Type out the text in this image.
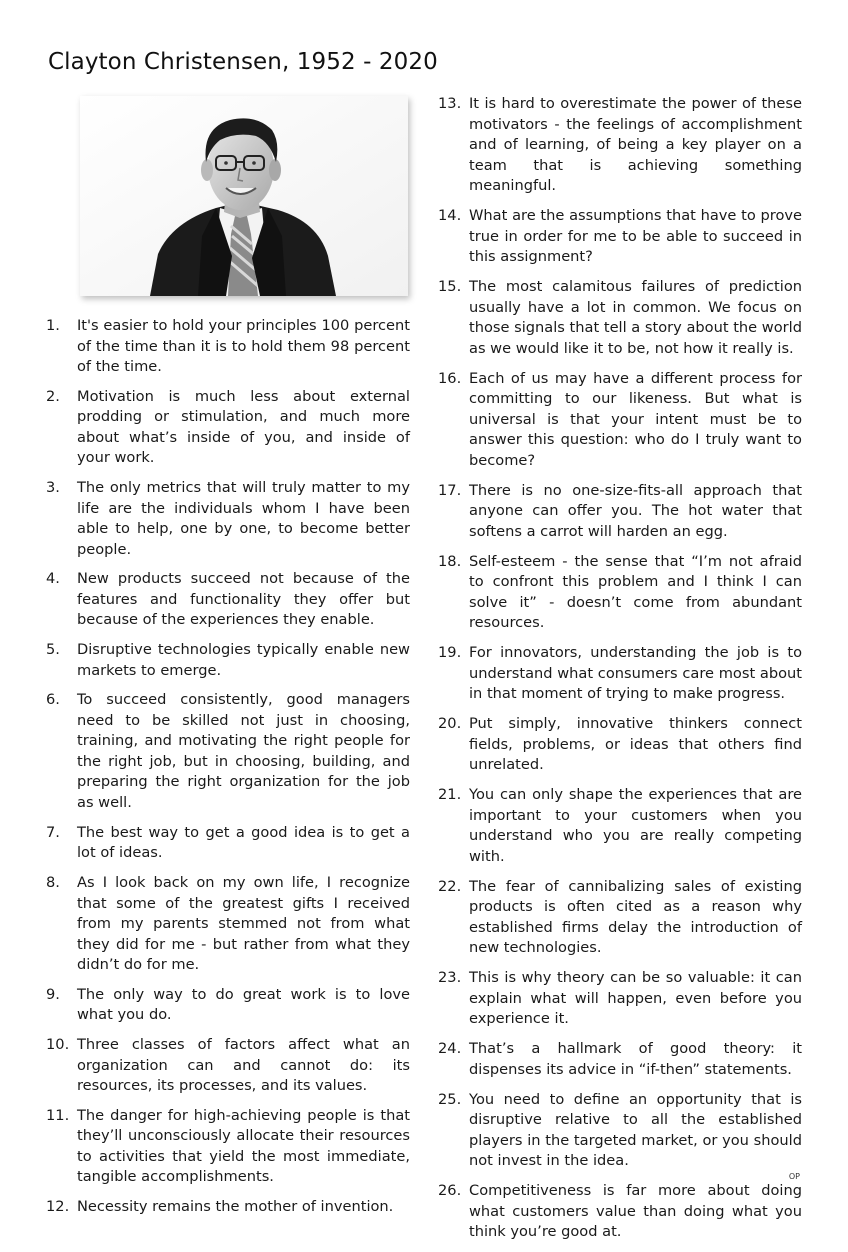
Clayton Christensen, 1952 - 2020
1.	It's easier to hold your principles 100 percent of the time than it is to hold them 98 percent of the time.
2.	Motivation is much less about external prodding or stimulation, and much more about what’s inside of you, and inside of your work.
3.	The only metrics that will truly matter to my life are the individuals whom I have been able to help, one by one, to become better people.
4.	New products succeed not because of the features and functionality they offer but because of the experiences they enable.
5.	Disruptive technologies typically enable new markets to emerge.
6.	To succeed consistently, good managers need to be skilled not just in choosing, training, and motivating the right people for the right job, but in choosing, building, and preparing the right organization for the job as well.
7.	The best way to get a good idea is to get a lot of ideas.
8.	As I look back on my own life, I recognize that some of the greatest gifts I received from my parents stemmed not from what they did for me - but rather from what they didn’t do for me.
9.	The only way to do great work is to love what you do.
10. Three classes of factors affect what an organization can and cannot do: its resources, its processes, and its values.
11. The danger for high-achieving people is that they’ll unconsciously allocate their resources to activities that yield the most immediate, tangible accomplishments.
12. Necessity remains the mother of invention.
13. It is hard to overestimate the power of these motivators - the feelings of accomplishment and of learning, of being a key player on a team that is achieving something meaningful.
14. What are the assumptions that have to prove true in order for me to be able to succeed in this assignment?
15. The most calamitous failures of prediction usually have a lot in common. We focus on those signals that tell a story about the world as we would like it to be, not how it really is.
16. Each of us may have a different process for committing to our likeness. But what is universal is that your intent must be to answer this question: who do I truly want to become?
17. There is no one-size-fits-all approach that anyone can offer you. The hot water that softens a carrot will harden an egg.
18. Self-esteem - the sense that “I’m not afraid to confront this problem and I think I can solve it” - doesn’t come from abundant resources.
19. For innovators, understanding the job is to understand what consumers care most about in that moment of trying to make progress.
20. Put simply, innovative thinkers connect fields, problems, or ideas that others find unrelated.
21. You can only shape the experiences that are important to your customers when you understand who you are really competing with.
22. The fear of cannibalizing sales of existing products is often cited as a reason why established firms delay the introduction of new technologies.
23. This is why theory can be so valuable: it can explain what will happen, even before you experience it.
24. That’s a hallmark of good theory: it dispenses its advice in “if-then” statements.
25. You need to define an opportunity that is disruptive relative to all the established players in the targeted market, or you should not invest in the idea.
26. Competitiveness is far more about doing what customers value than doing what you think you’re good at.
OP
